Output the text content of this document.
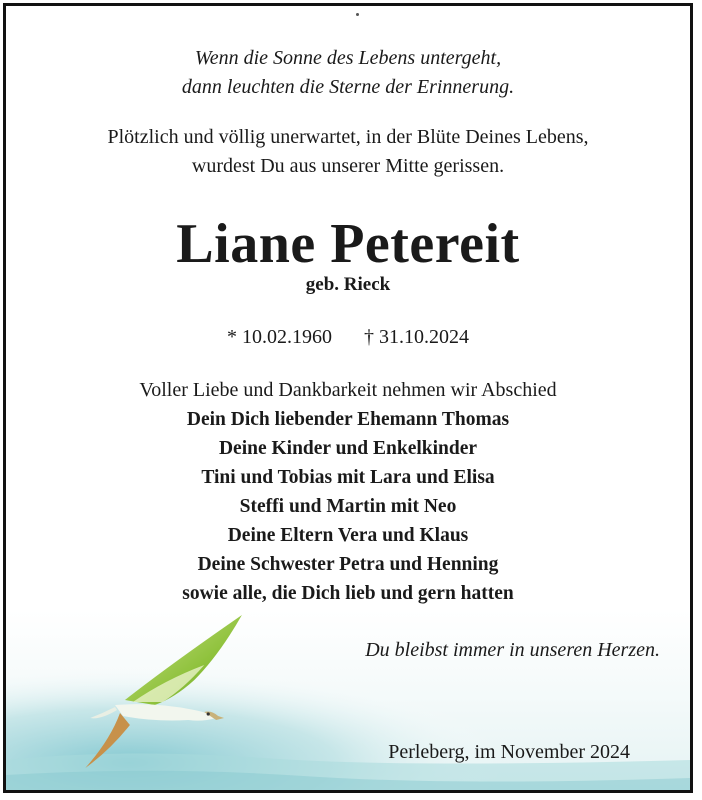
Wenn die Sonne des Lebens untergeht,
dann leuchten die Sterne der Erinnerung.

Plötzlich und völlig unerwartet, in der Blüte Deines Lebens,
wurdest Du aus unserer Mitte gerissen.

Liane Petereit

geb. Rieck

* 10.02.1960 † 31.10.2024

Voller Liebe und Dankbarkeit nehmen wir Abschied
Dein Dich liebender Ehemann Thomas
Deine Kinder und Enkelkinder
Tini und Tobias mit Lara und Elisa
Steffi und Martin mit Neo
Deine Eltern Vera und Klaus
Deine Schwester Petra und Henning
sowie alle, die Dich lieb und gern hatten

Du bleibst immer in unseren Herzen.

Perleberg, im November 2024
